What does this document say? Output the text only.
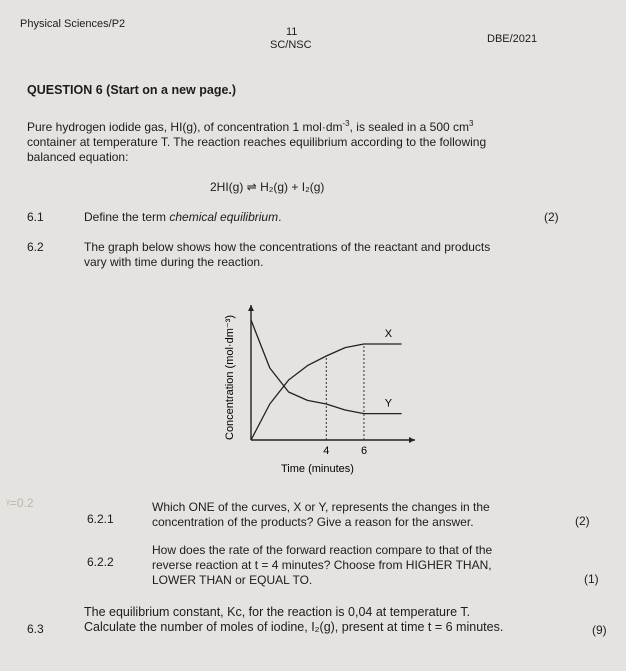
Physical Sciences/P2
11
SC/NSC	DBE/2021
QUESTION 6 (Start on a new page.)
Pure hydrogen iodide gas, HI(g), of concentration 1 $mol\cdot dm^{-3}$, is sealed in a 500 $cm^3$
container at temperature T. The reaction reaches equilibrium according to the following
balanced equation:
2HI(g) ⇌ H₂(g) + I₂(g)
6.1	Define the term chemical equilibrium.	(2)
6.2	The graph below shows how the concentrations of the reactant and products
vary with time during the reaction.
X
Y
4	6
Concentration (mol·dm⁻³)
Time (minutes)
ᵞ=0.2
6.2.1
Which ONE of the curves, X or Y, represents the changes in the
concentration of the products? Give a reason for the answer.	(2)
6.2.2
How does the rate of the forward reaction compare to that of the
reverse reaction at t = 4 minutes? Choose from HIGHER THAN,
LOWER THAN or EQUAL TO.	(1)
6.3
The equilibrium constant, Kc, for the reaction is 0,04 at temperature T.
Calculate the number of moles of iodine, I₂(g), present at time t = 6 minutes.	(9)
